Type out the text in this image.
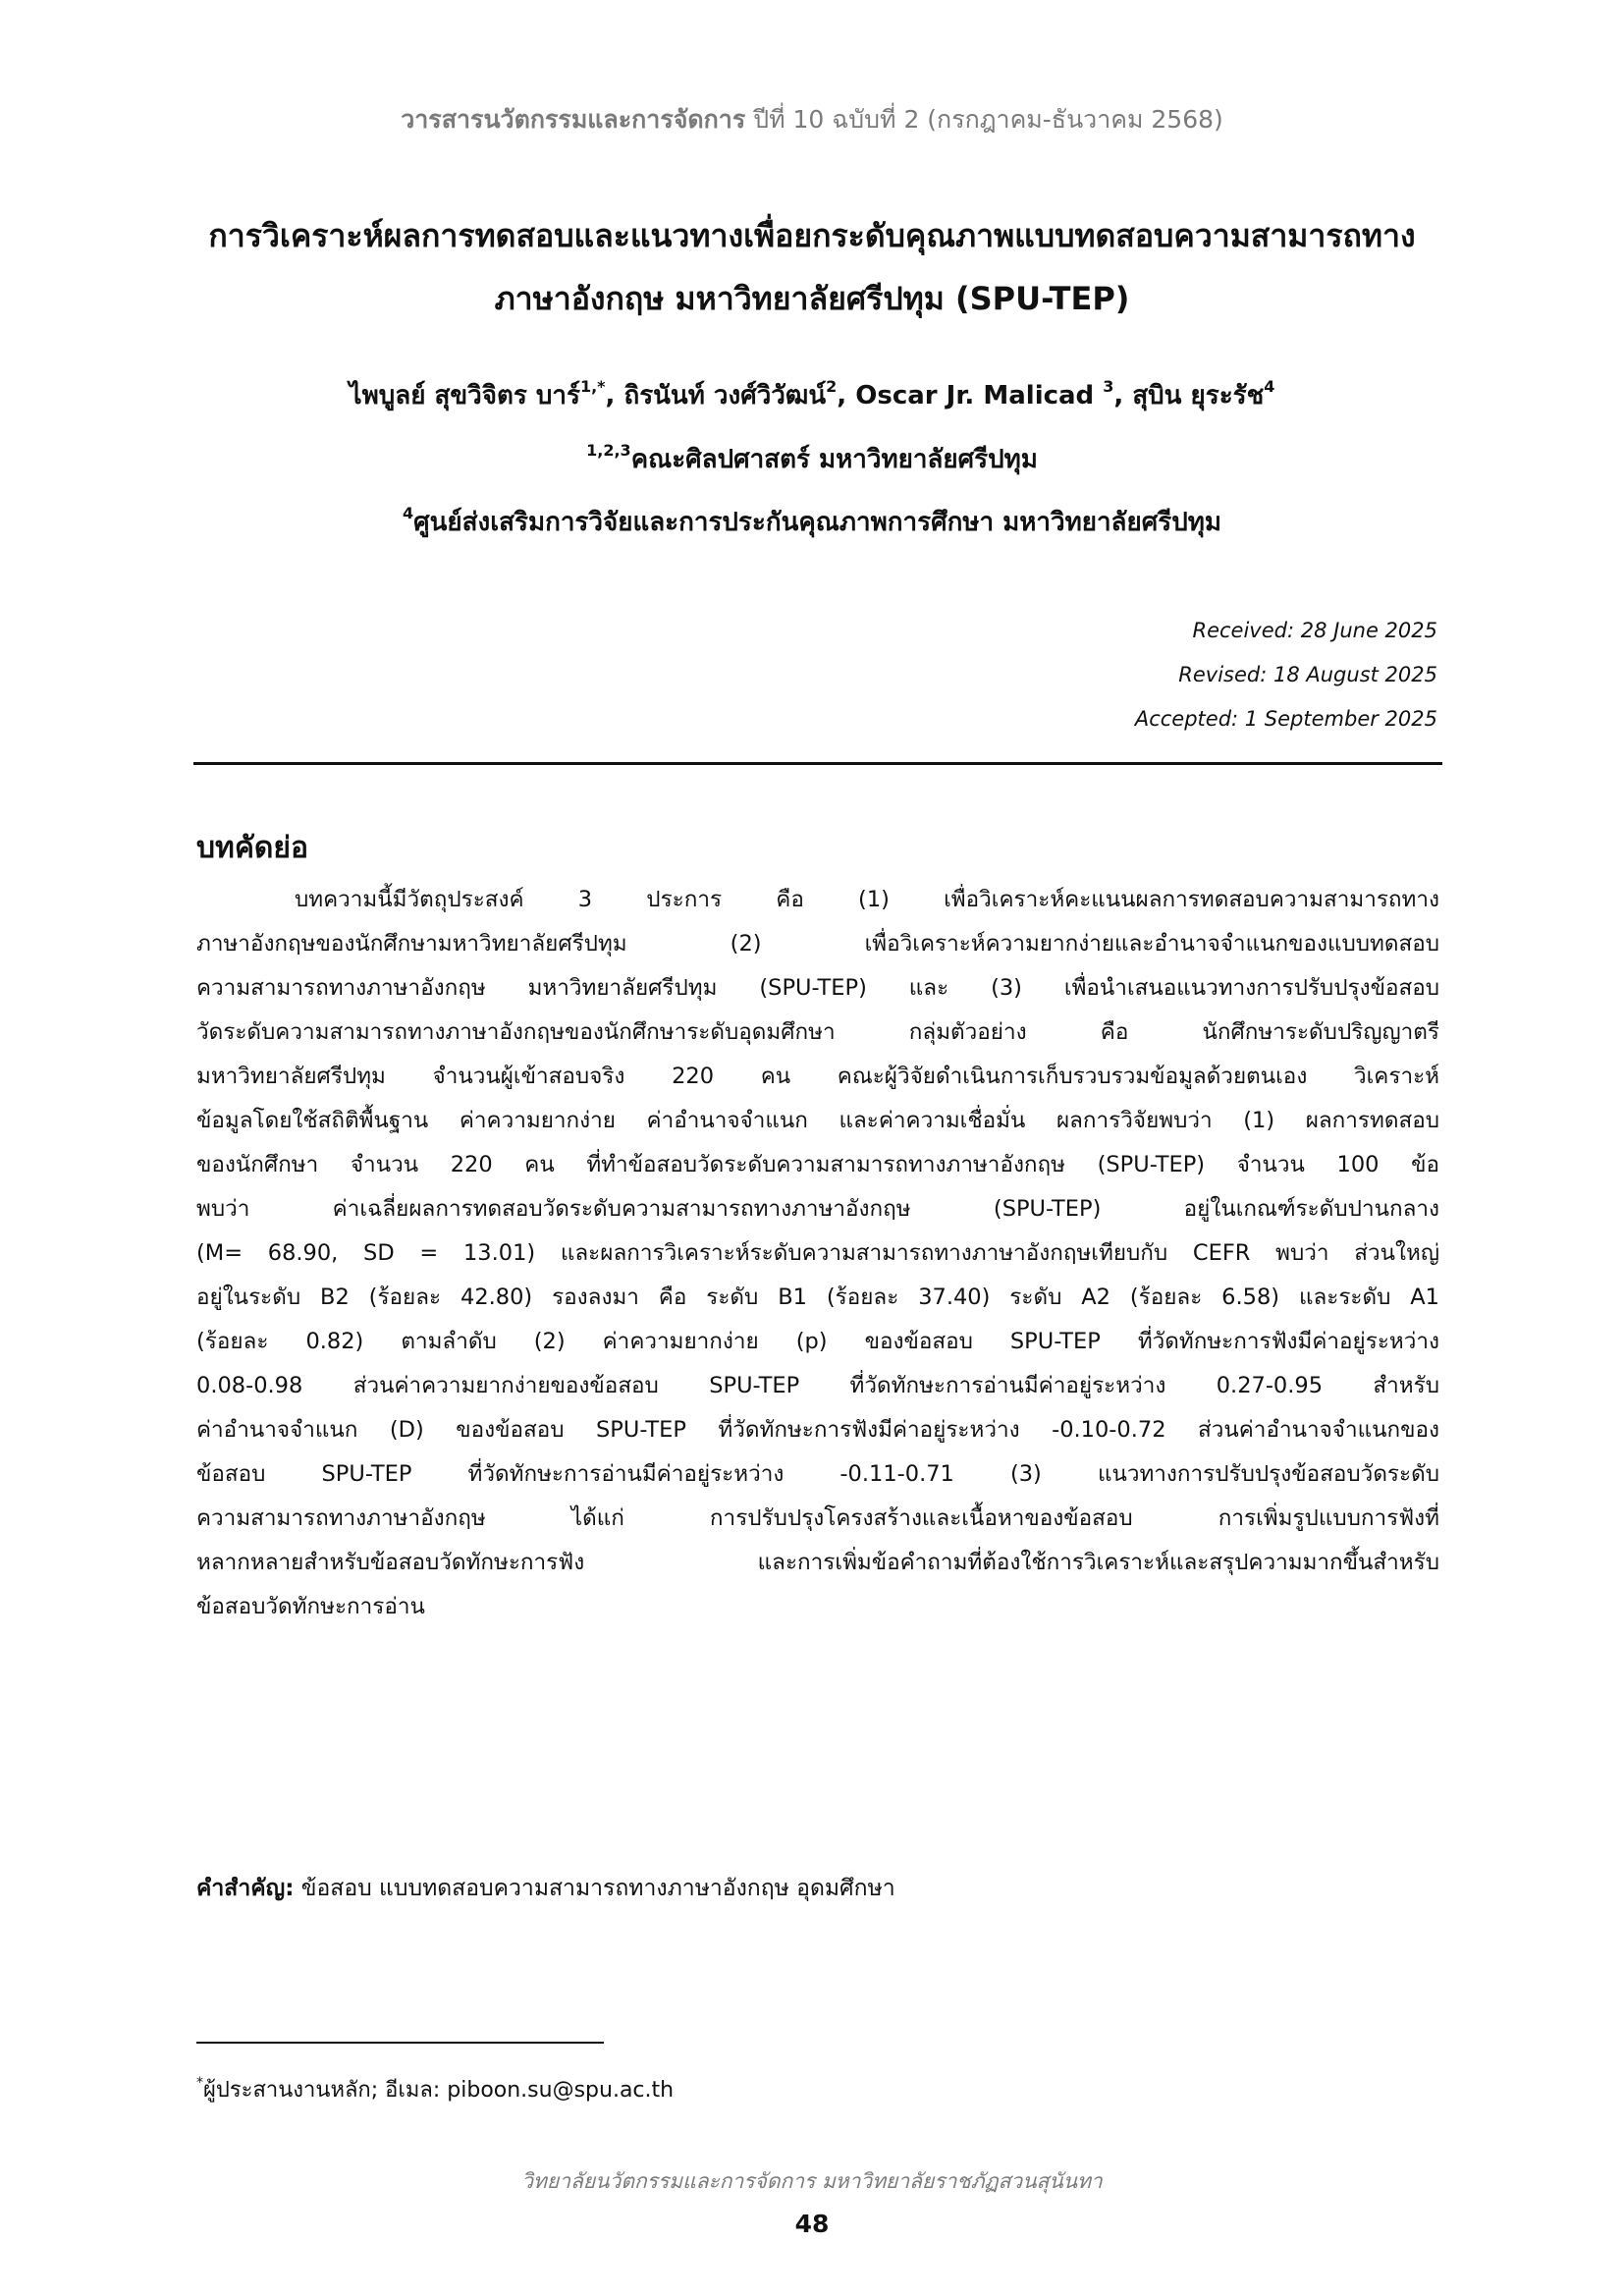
วารสารนวัตกรรมและการจัดการ ปีที่ 10 ฉบับที่ 2 (กรกฎาคม-ธันวาคม 2568)
การวิเคราะห์ผลการทดสอบและแนวทางเพื่อยกระดับคุณภาพแบบทดสอบความสามารถทาง
ภาษาอังกฤษ มหาวิทยาลัยศรีปทุม (SPU-TEP)
ไพบูลย์ สุขวิจิตร บาร์$^{1,*}$, ถิรนันท์ วงศ์วิวัฒน์$^2$, Oscar Jr. Malicad $^3$, สุบิน ยุระรัช$^4$
$^{1,2,3}$คณะศิลปศาสตร์ มหาวิทยาลัยศรีปทุม
$^4$ศูนย์ส่งเสริมการวิจัยและการประกันคุณภาพการศึกษา มหาวิทยาลัยศรีปทุม
Received: 28 June 2025
Revised: 18 August 2025
Accepted: 1 September 2025
บทคัดย่อ
บทความนี้มีวัตถุประสงค์ 3 ประการ คือ (1) เพื่อวิเคราะห์คะแนนผลการทดสอบความสามารถทาง
ภาษาอังกฤษของนักศึกษามหาวิทยาลัยศรีปทุม (2) เพื่อวิเคราะห์ความยากง่ายและอำนาจจำแนกของแบบทดสอบ
ความสามารถทางภาษาอังกฤษ มหาวิทยาลัยศรีปทุม (SPU-TEP) และ (3) เพื่อนำเสนอแนวทางการปรับปรุงข้อสอบ
วัดระดับความสามารถทางภาษาอังกฤษของนักศึกษาระดับอุดมศึกษา กลุ่มตัวอย่าง คือ นักศึกษาระดับปริญญาตรี
มหาวิทยาลัยศรีปทุม จำนวนผู้เข้าสอบจริง 220 คน คณะผู้วิจัยดำเนินการเก็บรวบรวมข้อมูลด้วยตนเอง วิเคราะห์
ข้อมูลโดยใช้สถิติพื้นฐาน ค่าความยากง่าย ค่าอำนาจจำแนก และค่าความเชื่อมั่น ผลการวิจัยพบว่า (1) ผลการทดสอบ
ของนักศึกษา จำนวน 220 คน ที่ทำข้อสอบวัดระดับความสามารถทางภาษาอังกฤษ (SPU-TEP) จำนวน 100 ข้อ
พบว่า ค่าเฉลี่ยผลการทดสอบวัดระดับความสามารถทางภาษาอังกฤษ (SPU-TEP) อยู่ในเกณฑ์ระดับปานกลาง
(M= 68.90, SD = 13.01) และผลการวิเคราะห์ระดับความสามารถทางภาษาอังกฤษเทียบกับ CEFR พบว่า ส่วนใหญ่
อยู่ในระดับ B2 (ร้อยละ 42.80) รองลงมา คือ ระดับ B1 (ร้อยละ 37.40) ระดับ A2 (ร้อยละ 6.58) และระดับ A1
(ร้อยละ 0.82) ตามลำดับ (2) ค่าความยากง่าย (p) ของข้อสอบ SPU-TEP ที่วัดทักษะการฟังมีค่าอยู่ระหว่าง
0.08-0.98 ส่วนค่าความยากง่ายของข้อสอบ SPU-TEP ที่วัดทักษะการอ่านมีค่าอยู่ระหว่าง 0.27-0.95 สำหรับ
ค่าอำนาจจำแนก (D) ของข้อสอบ SPU-TEP ที่วัดทักษะการฟังมีค่าอยู่ระหว่าง -0.10-0.72 ส่วนค่าอำนาจจำแนกของ
ข้อสอบ SPU-TEP ที่วัดทักษะการอ่านมีค่าอยู่ระหว่าง -0.11-0.71 (3) แนวทางการปรับปรุงข้อสอบวัดระดับ
ความสามารถทางภาษาอังกฤษ ได้แก่ การปรับปรุงโครงสร้างและเนื้อหาของข้อสอบ การเพิ่มรูปแบบการฟังที่
หลากหลายสำหรับข้อสอบวัดทักษะการฟัง และการเพิ่มข้อคำถามที่ต้องใช้การวิเคราะห์และสรุปความมากขึ้นสำหรับ
ข้อสอบวัดทักษะการอ่าน
คำสำคัญ: ข้อสอบ แบบทดสอบความสามารถทางภาษาอังกฤษ อุดมศึกษา
*ผู้ประสานงานหลัก; อีเมล: piboon.su@spu.ac.th
วิทยาลัยนวัตกรรมและการจัดการ มหาวิทยาลัยราชภัฏสวนสุนันทา
48
